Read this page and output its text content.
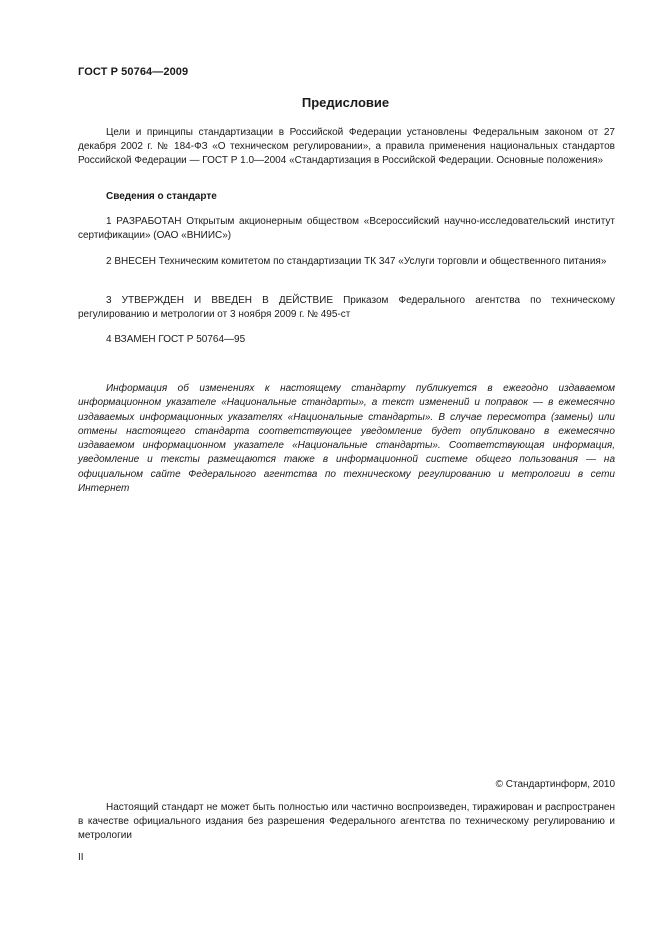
ГОСТ Р 50764—2009
Предисловие
Цели и принципы стандартизации в Российской Федерации установлены Федеральным законом от 27 декабря 2002 г. № 184-ФЗ «О техническом регулировании», а правила применения национальных стандартов Российской Федерации — ГОСТ Р 1.0—2004 «Стандартизация в Российской Федерации. Основные положения»
Сведения о стандарте
1 РАЗРАБОТАН Открытым акционерным обществом «Всероссийский научно-исследовательский институт сертификации» (ОАО «ВНИИС»)
2 ВНЕСЕН Техническим комитетом по стандартизации ТК 347 «Услуги торговли и общественного питания»
3 УТВЕРЖДЕН И ВВЕДЕН В ДЕЙСТВИЕ Приказом Федерального агентства по техническому регулированию и метрологии от 3 ноября 2009 г. № 495-ст
4 ВЗАМЕН ГОСТ Р 50764—95
Информация об изменениях к настоящему стандарту публикуется в ежегодно издаваемом информационном указателе «Национальные стандарты», а текст изменений и поправок — в ежемесячно издаваемых информационных указателях «Национальные стандарты». В случае пересмотра (замены) или отмены настоящего стандарта соответствующее уведомление будет опубликовано в ежемесячно издаваемом информационном указателе «Национальные стандарты». Соответствующая информация, уведомление и тексты размещаются также в информационной системе общего пользования — на официальном сайте Федерального агентства по техническому регулированию и метрологии в сети Интернет
© Стандартинформ, 2010
Настоящий стандарт не может быть полностью или частично воспроизведен, тиражирован и распространен в качестве официального издания без разрешения Федерального агентства по техническому регулированию и метрологии
II
